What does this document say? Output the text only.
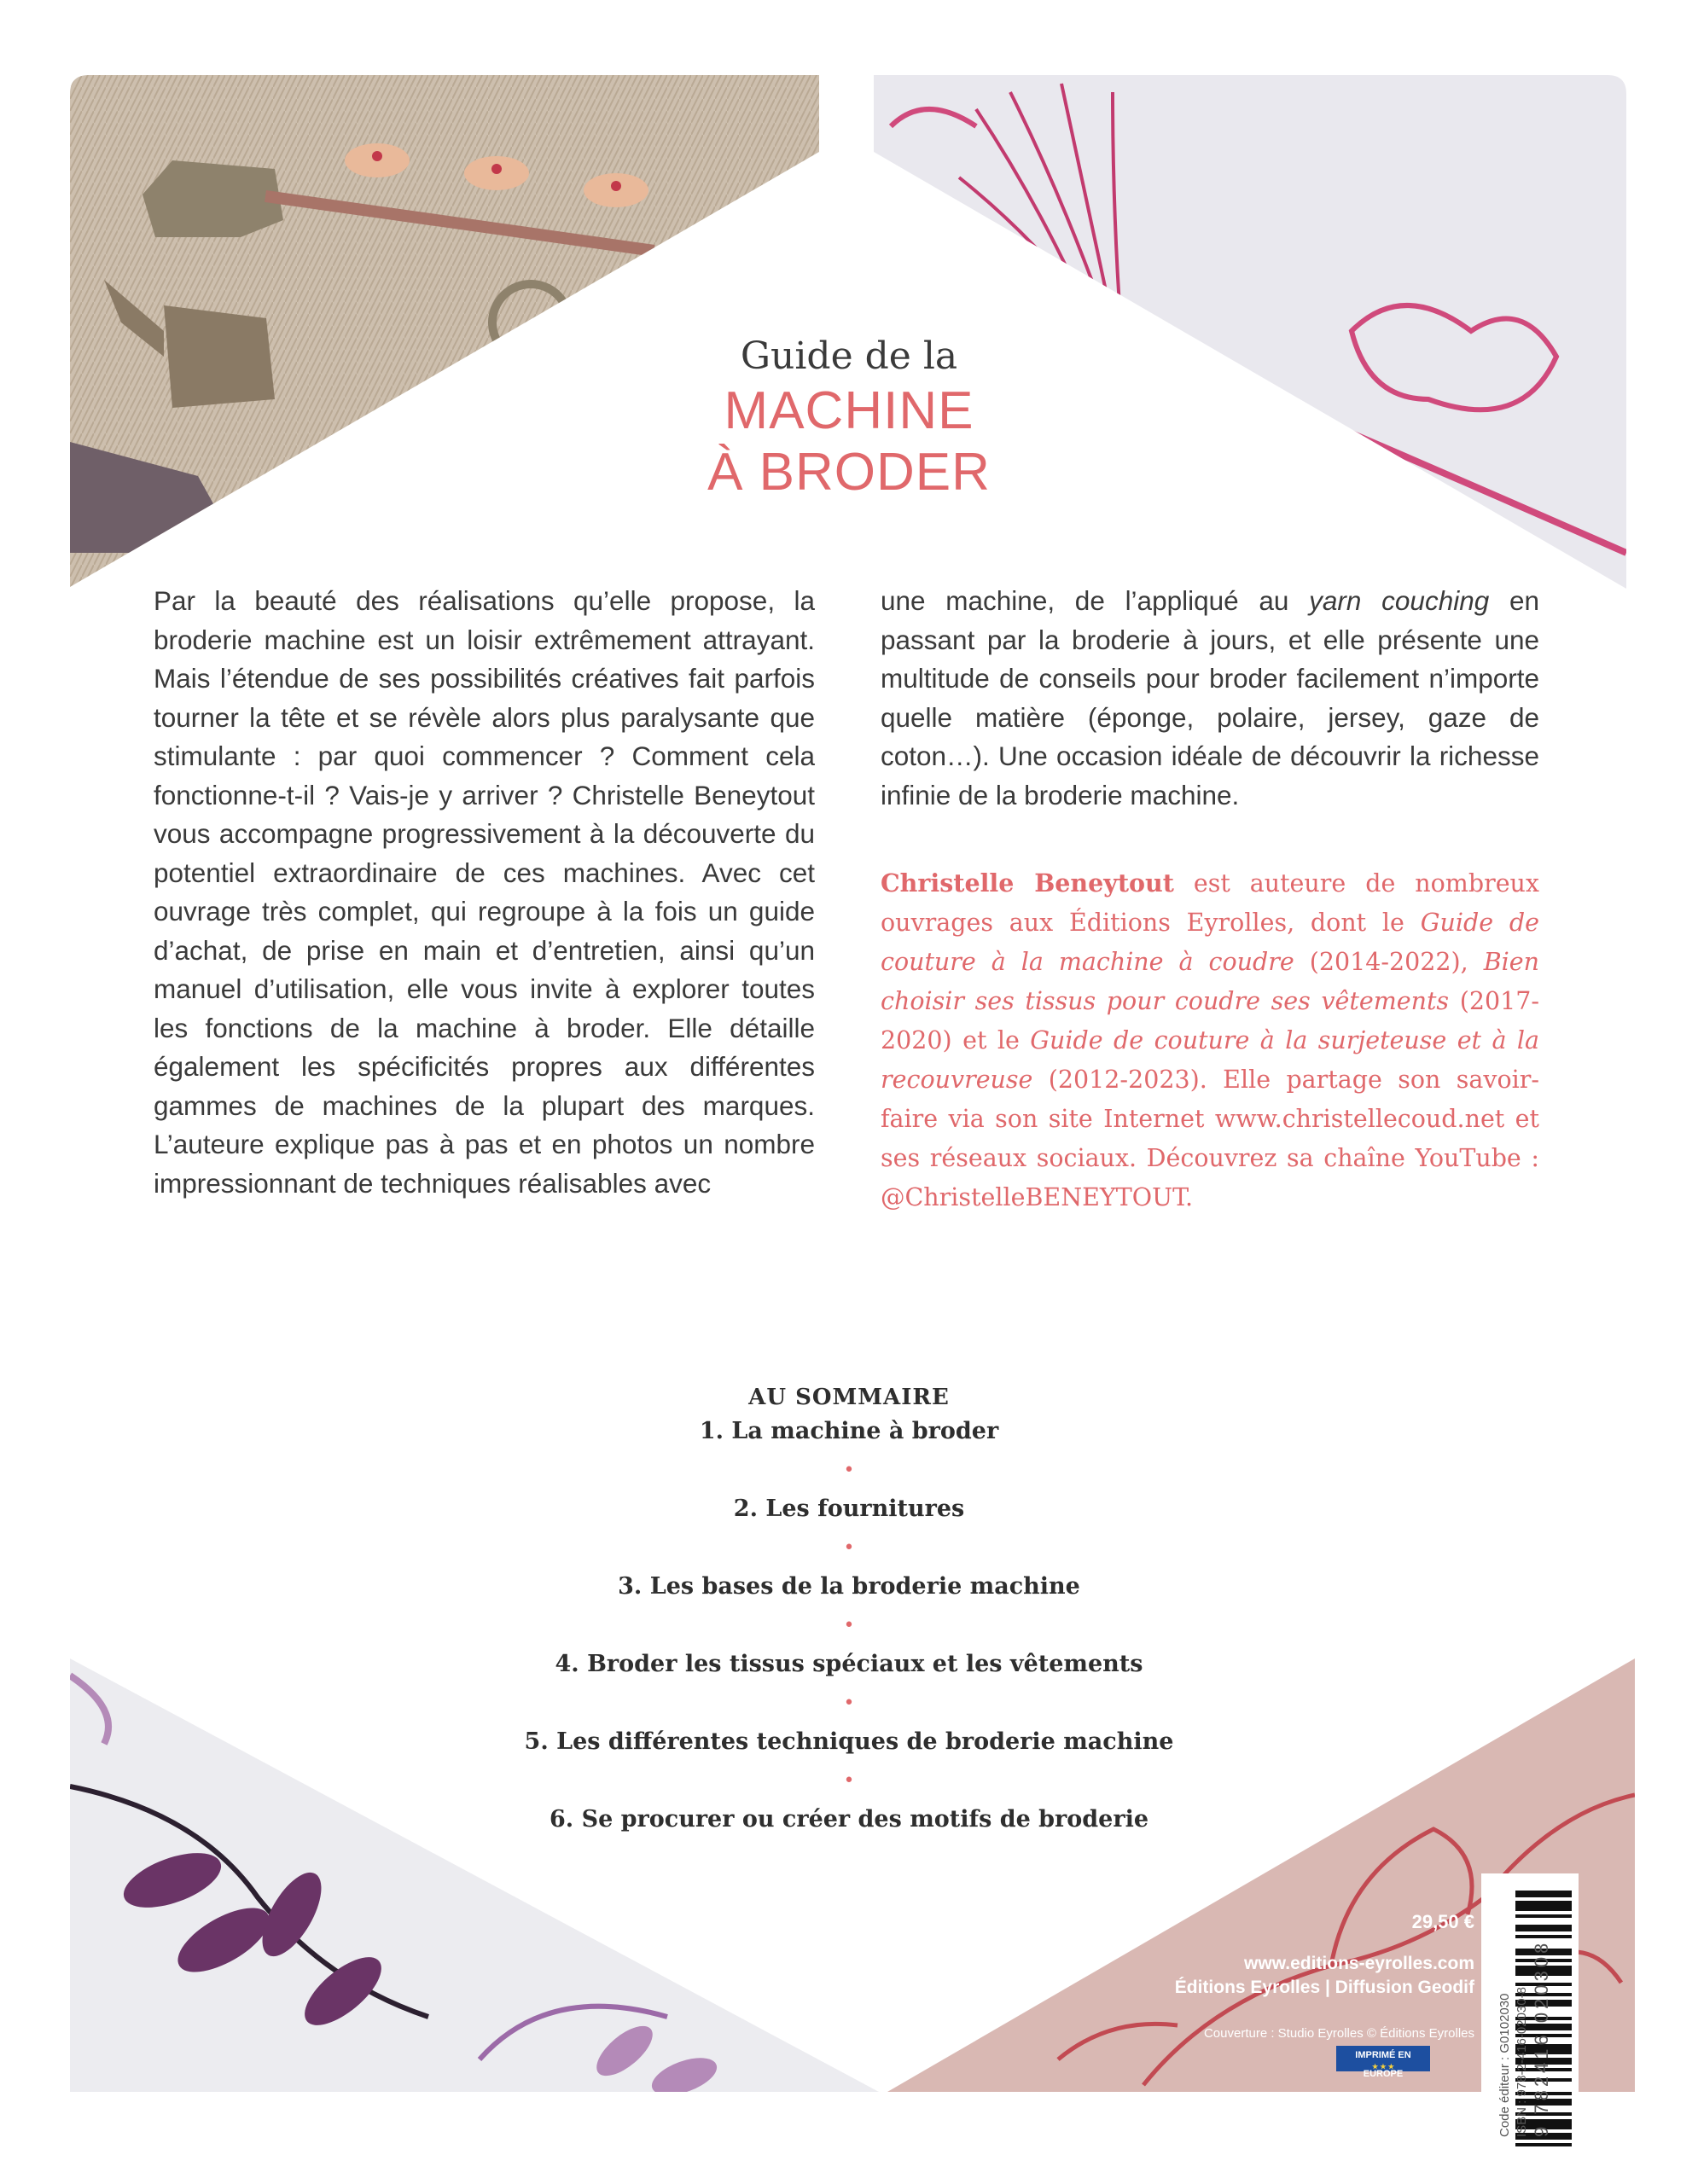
Guide de la
MACHINE
À BRODER
Par la beauté des réalisations qu’elle propose, la broderie machine est un loisir extrêmement attrayant. Mais l’étendue de ses possibilités créatives fait parfois tourner la tête et se révèle alors plus paralysante que stimulante : par quoi commencer ? Comment cela fonctionne-t-il ? Vais-je y arriver ? Christelle Beneytout vous accompagne progressivement à la découverte du potentiel extraordinaire de ces machines. Avec cet ouvrage très complet, qui regroupe à la fois un guide d’achat, de prise en main et d’entretien, ainsi qu’un manuel d’utilisation, elle vous invite à explorer toutes les fonctions de la machine à broder. Elle détaille également les spécificités propres aux différentes gammes de machines de la plupart des marques. L’auteure explique pas à pas et en photos un nombre impressionnant de techniques réalisables avec
une machine, de l’appliqué au yarn couching en passant par la broderie à jours, et elle présente une multitude de conseils pour broder facilement n’importe quelle matière (éponge, polaire, jersey, gaze de coton…). Une occasion idéale de découvrir la richesse infinie de la broderie machine.
Christelle Beneytout est auteure de nombreux ouvrages aux Éditions Eyrolles, dont le Guide de couture à la machine à coudre (2014-2022), Bien choisir ses tissus pour coudre ses vêtements (2017-2020) et le Guide de couture à la surjeteuse et à la recouvreuse (2012-2023). Elle partage son savoir-faire via son site Internet www.christellecoud.net et ses réseaux sociaux. Découvrez sa chaîne YouTube : @ChristelleBENEYTOUT.
AU SOMMAIRE
1. La machine à broder
•
2. Les fournitures
•
3. Les bases de la broderie machine
•
4. Broder les tissus spéciaux et les vêtements
•
5. Les différentes techniques de broderie machine
•
6. Se procurer ou créer des motifs de broderie
29,50 €
www.editions-eyrolles.com
Éditions Eyrolles | Diffusion Geodif
Couverture : Studio Eyrolles © Éditions Eyrolles
IMPRIMÉ EN EUROPE
★ ★ ★	Code éditeur : G0102030 ISBN : 978-2-416-02030-8 9 782416 020308
